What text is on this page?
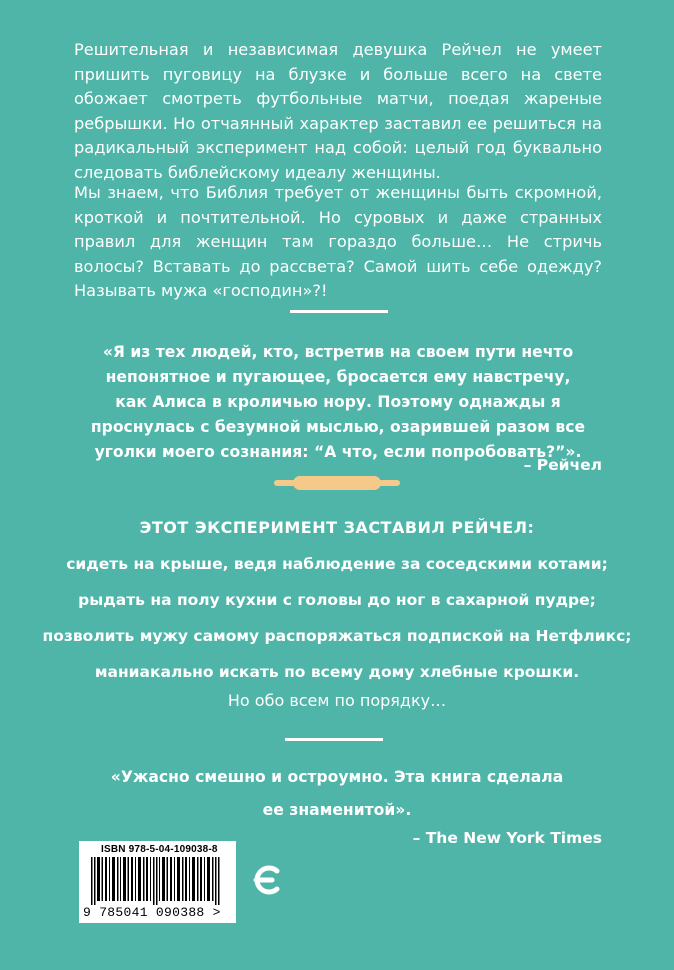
Решительная и независимая девушка Рейчел не умеет пришить пуговицу на блузке и больше всего на свете обожает смотреть футбольные матчи, поедая жареные ребрышки. Но отчаянный характер заставил ее решиться на радикальный эксперимент над собой: целый год буквально следовать библейскому идеалу женщины.
Мы знаем, что Библия требует от женщины быть скромной, кроткой и почтительной. Но суровых и даже странных правил для женщин там гораздо больше… Не стричь волосы? Вставать до рассвета? Самой шить себе одежду? Называть мужа «господин»?!
«Я из тех людей, кто, встретив на своем пути нечто непонятное и пугающее, бросается ему навстречу, как Алиса в кроличью нору. Поэтому однажды я проснулась с безумной мыслью, озарившей разом все уголки моего сознания: “А что, если попробовать?”».
– Рейчел
ЭТОТ ЭКСПЕРИМЕНТ ЗАСТАВИЛ РЕЙЧЕЛ:
сидеть на крыше, ведя наблюдение за соседскими котами;
рыдать на полу кухни с головы до ног в сахарной пудре;
позволить мужу самому распоряжаться подпиской на Нетфликс;
маниакально искать по всему дому хлебные крошки.
Но обо всем по порядку…
«Ужасно смешно и остроумно. Эта книга сделала
ее знаменитой».
– The New York Times
ISBN 978-5-04-109038-8
9 785041 090388 >
